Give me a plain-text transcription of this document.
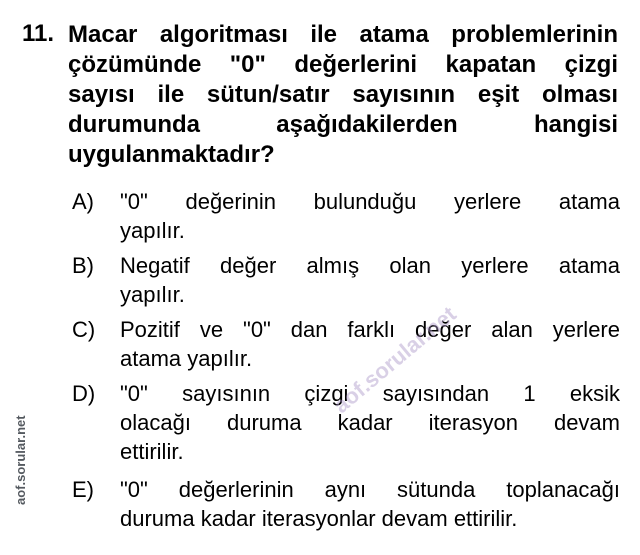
11. Macar algoritması ile atama problemlerinin
çözümünde "0" değerlerini kapatan çizgi
sayısı ile sütun/satır sayısının eşit olması
durumunda aşağıdakilerden hangisi
uygulanmaktadır?
A) "0" değerinin bulunduğu yerlere atama
yapılır.
B) Negatif değer almış olan yerlere atama
yapılır.
C) Pozitif ve "0" dan farklı değer alan yerlere
atama yapılır.
D) "0" sayısının çizgi sayısından 1 eksik
olacağı duruma kadar iterasyon devam
ettirilir.
E) "0" değerlerinin aynı sütunda toplanacağı
duruma kadar iterasyonlar devam ettirilir.
aof.sorular.net
aof.sorular.net
